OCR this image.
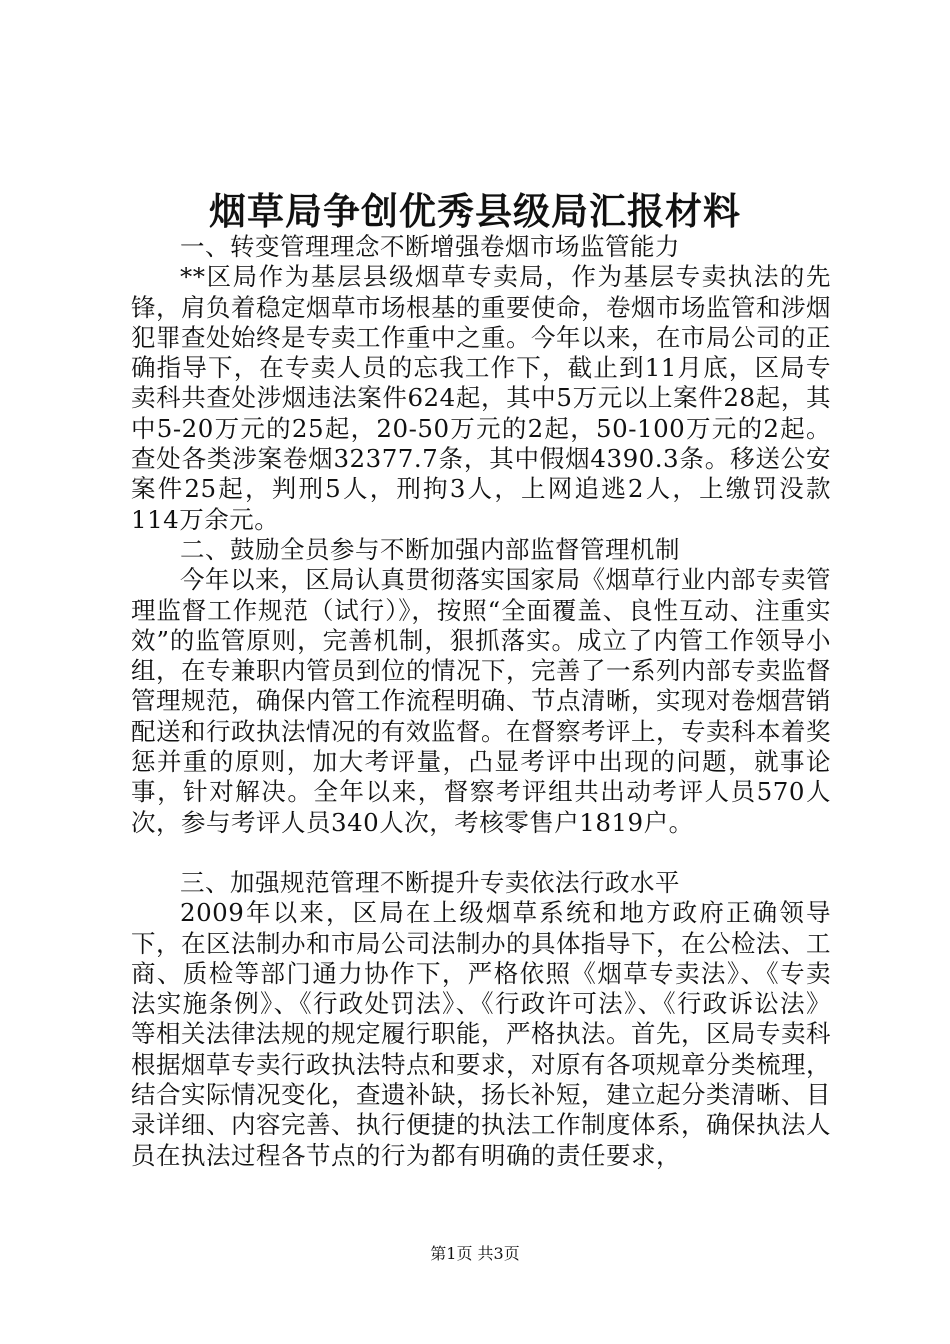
烟草局争创优秀县级局汇报材料

一、转变管理理念不断增强卷烟市场监管能力

**区局作为基层县级烟草专卖局，作为基层专卖执法的先锋，肩负着稳定烟草市场根基的重要使命，卷烟市场监管和涉烟犯罪查处始终是专卖工作重中之重。今年以来，在市局公司的正确指导下，在专卖人员的忘我工作下，截止到11月底，区局专卖科共查处涉烟违法案件624起，其中5万元以上案件28起，其中5-20万元的25起，20-50万元的2起，50-100万元的2起。查处各类涉案卷烟32377.7条，其中假烟4390.3条。移送公安案件25起，判刑5人，刑拘3人，上网追逃2人，上缴罚没款114万余元。

二、鼓励全员参与不断加强内部监督管理机制

今年以来，区局认真贯彻落实国家局《烟草行业内部专卖管理监督工作规范（试行）》，按照“全面覆盖、良性互动、注重实效”的监管原则，完善机制，狠抓落实。成立了内管工作领导小组，在专兼职内管员到位的情况下，完善了一系列内部专卖监督管理规范，确保内管工作流程明确、节点清晰，实现对卷烟营销配送和行政执法情况的有效监督。在督察考评上，专卖科本着奖惩并重的原则，加大考评量，凸显考评中出现的问题，就事论事，针对解决。全年以来，督察考评组共出动考评人员570人次，参与考评人员340人次，考核零售户1819户。

三、加强规范管理不断提升专卖依法行政水平

2009年以来，区局在上级烟草系统和地方政府正确领导下，在区法制办和市局公司法制办的具体指导下，在公检法、工商、质检等部门通力协作下，严格依照《烟草专卖法》、《专卖法实施条例》、《行政处罚法》、《行政许可法》、《行政诉讼法》等相关法律法规的规定履行职能，严格执法。首先，区局专卖科根据烟草专卖行政执法特点和要求，对原有各项规章分类梳理，结合实际情况变化，查遗补缺，扬长补短，建立起分类清晰、目录详细、内容完善、执行便捷的执法工作制度体系，确保执法人员在执法过程各节点的行为都有明确的责任要求，

第1页 共3页
